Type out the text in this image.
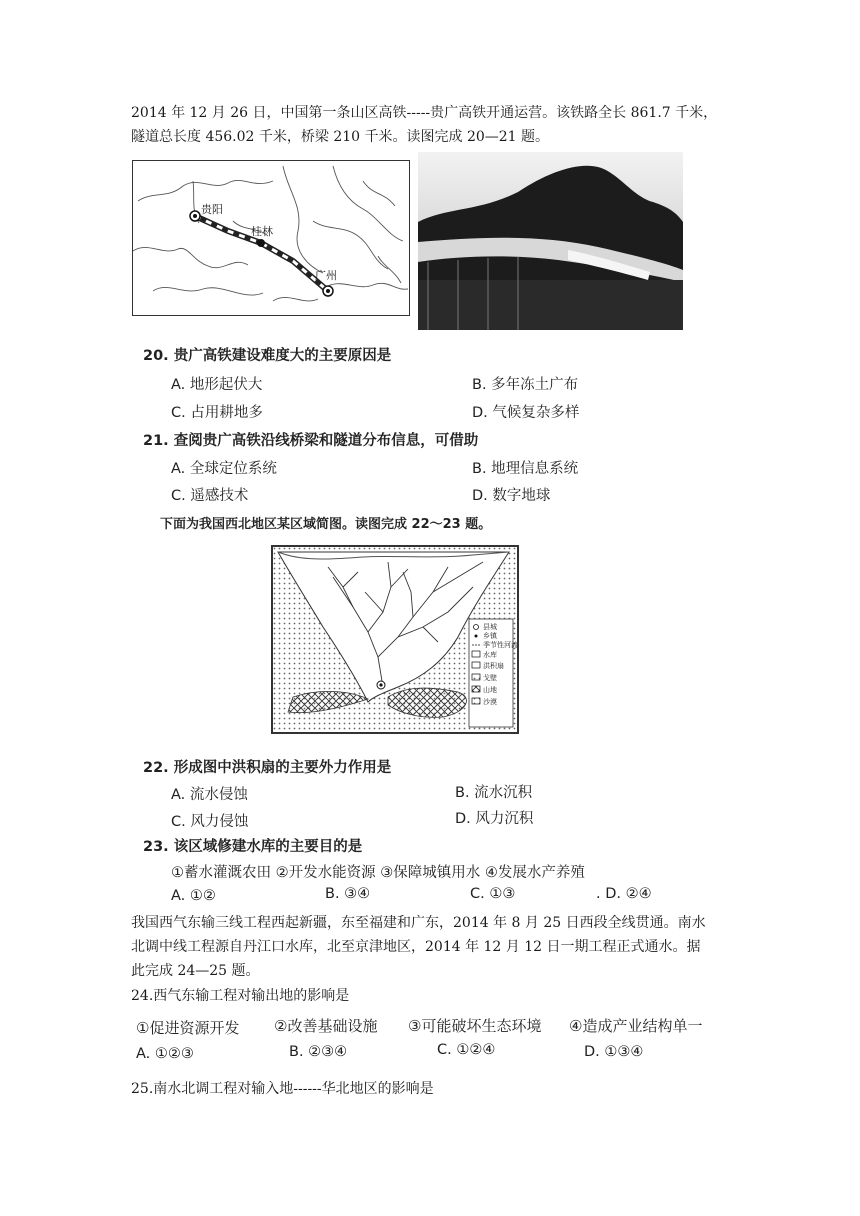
2014 年 12 月 26 日，中国第一条山区高铁-----贵广高铁开通运营。该铁路全长 861.7 千米，
隧道总长度 456.02 千米，桥梁 210 千米。读图完成 20—21 题。
贵阳
桂林
广州
20. 贵广高铁建设难度大的主要原因是
A. 地形起伏大	B. 多年冻土广布
C. 占用耕地多	D. 气候复杂多样
21. 查阅贵广高铁沿线桥梁和隧道分布信息，可借助
A. 全球定位系统	B. 地理信息系统
C. 遥感技术	D. 数字地球
下面为我国西北地区某区域简图。读图完成 22～23 题。
县城
乡镇
季节性河流
水库
洪积扇
戈壁
山地
沙漠
22. 形成图中洪积扇的主要外力作用是
A. 流水侵蚀	B. 流水沉积
C. 风力侵蚀	D. 风力沉积
23. 该区域修建水库的主要目的是
①蓄水灌溉农田 ②开发水能资源 ③保障城镇用水 ④发展水产养殖
A. ①②	B. ③④	C. ①③	. D. ②④
我国西气东输三线工程西起新疆，东至福建和广东，2014 年 8 月 25 日西段全线贯通。南水
北调中线工程源自丹江口水库，北至京津地区，2014 年 12 月 12 日一期工程正式通水。据
此完成 24—25 题。
24.西气东输工程对输出地的影响是
①促进资源开发 ②改善基础设施 ③可能破坏生态环境 ④造成产业结构单一
A. ①②③	B. ②③④	C. ①②④	D. ①③④
25.南水北调工程对输入地------华北地区的影响是
